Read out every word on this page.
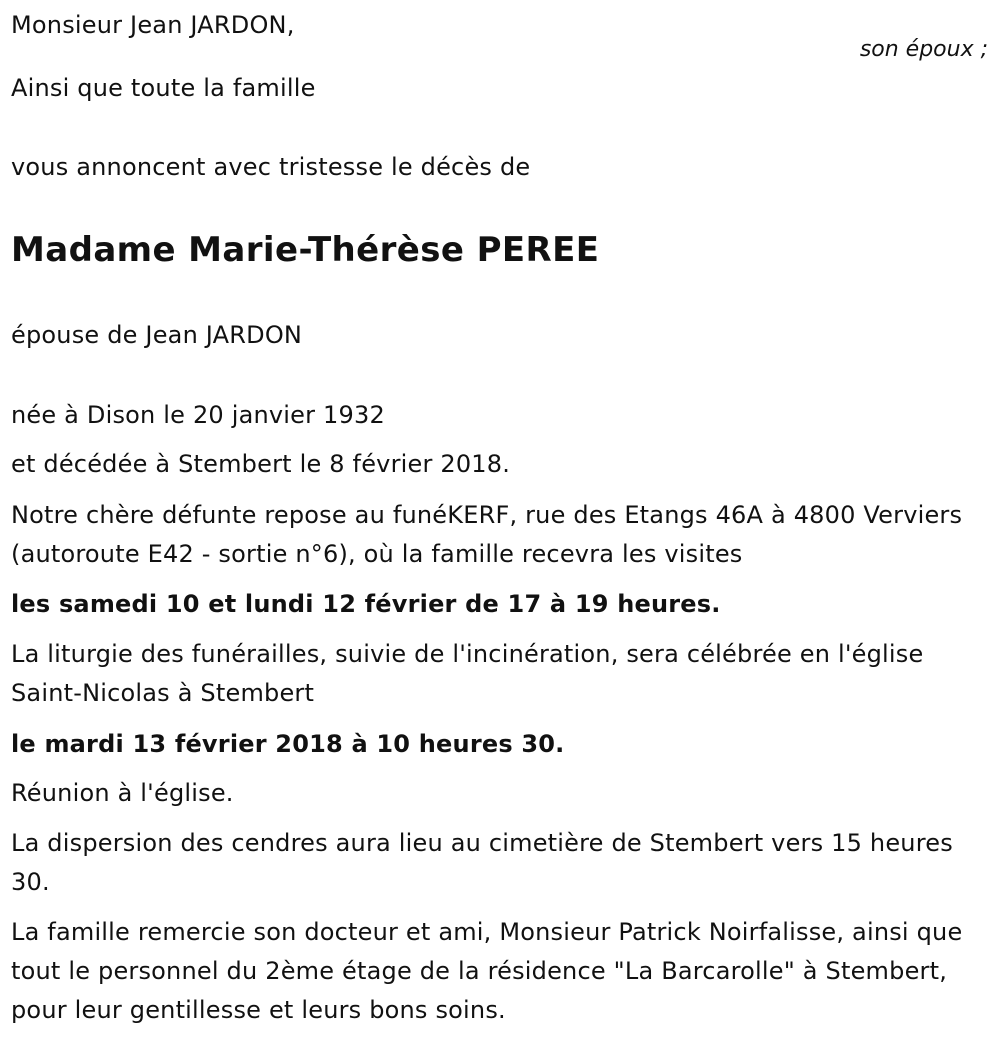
Monsieur Jean JARDON,

son époux ;

Ainsi que toute la famille

vous annoncent avec tristesse le décès de

Madame Marie-Thérèse PEREE

épouse de Jean JARDON

née à Dison le 20 janvier 1932

et décédée à Stembert le 8 février 2018.

Notre chère défunte repose au funéKERF, rue des Etangs 46A à 4800 Verviers (autoroute E42 - sortie n°6), où la famille recevra les visites

les samedi 10 et lundi 12 février de 17 à 19 heures.

La liturgie des funérailles, suivie de l'incinération, sera célébrée en l'église Saint-Nicolas à Stembert

le mardi 13 février 2018 à 10 heures 30.

Réunion à l'église.

La dispersion des cendres aura lieu au cimetière de Stembert vers 15 heures 30.

La famille remercie son docteur et ami, Monsieur Patrick Noirfalisse, ainsi que tout le personnel du 2ème étage de la résidence "La Barcarolle" à Stembert, pour leur gentillesse et leurs bons soins.
